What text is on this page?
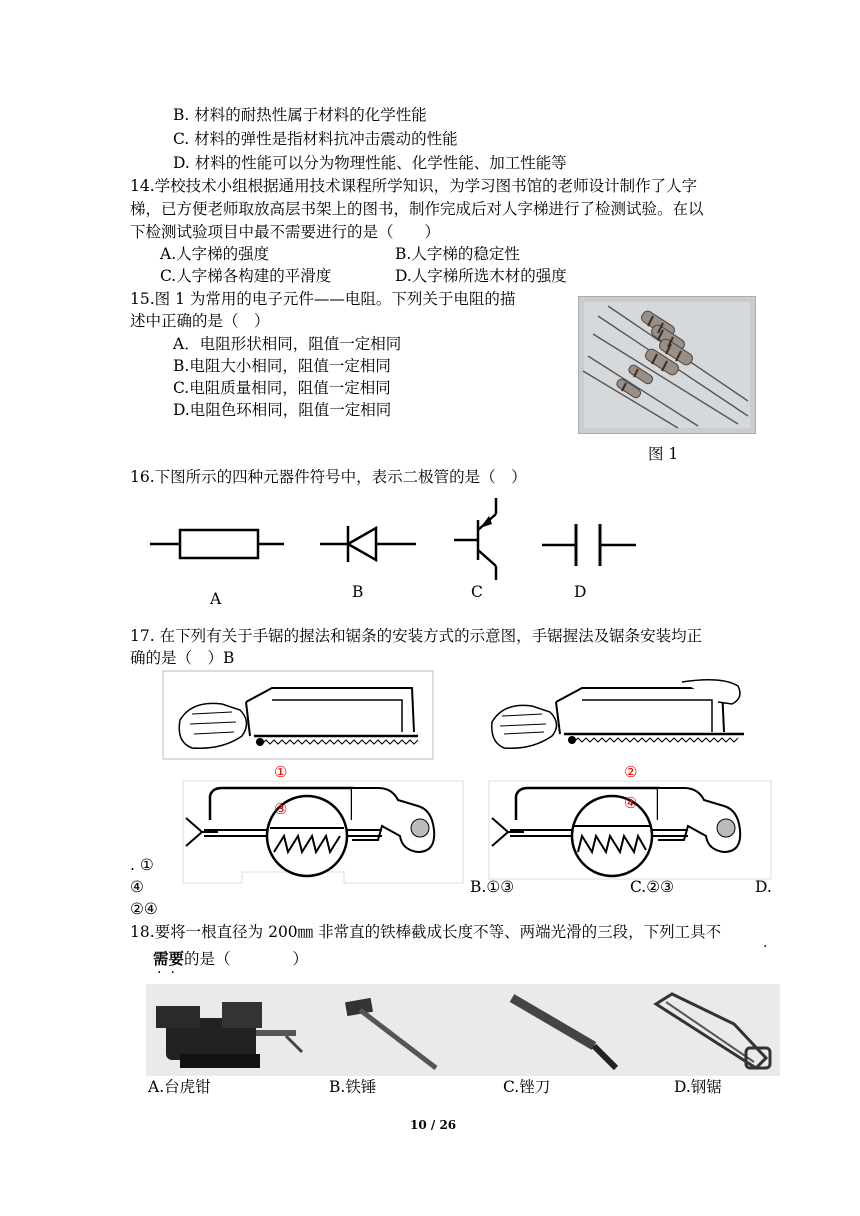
B. 材料的耐热性属于材料的化学性能
C. 材料的弹性是指材料抗冲击震动的性能
D. 材料的性能可以分为物理性能、化学性能、加工性能等
14.学校技术小组根据通用技术课程所学知识，为学习图书馆的老师设计制作了人字
梯，已方便老师取放高层书架上的图书，制作完成后对人字梯进行了检测试验。在以
下检测试验项目中最不需要进行的是（　　）
A.人字梯的强度	B.人字梯的稳定性
C.人字梯各构建的平滑度	D.人字梯所选木材的强度
15.图 1 为常用的电子元件——电阻。下列关于电阻的描
述中正确的是（　）
A．电阻形状相同，阻值一定相同
B.电阻大小相同，阻值一定相同
C.电阻质量相同，阻值一定相同
D.电阻色环相同，阻值一定相同
图 1
16.下图所示的四种元器件符号中，表示二极管的是（　）
A	B	C	D
17. 在下列有关于手锯的握法和锯条的安装方式的示意图，手锯握法及锯条安装均正
确的是（　）B
①	②
③	④
. ①
④	B.①③	C.②③	D.
②④
18.要将一根直径为 200㎜ 非常直的铁棒截成长度不等、两端光滑的三段，下列工具不
·
需要的是（　　　　）
··
A.台虎钳	B.铁锤	C.锉刀	D.钢锯
10 / 26
